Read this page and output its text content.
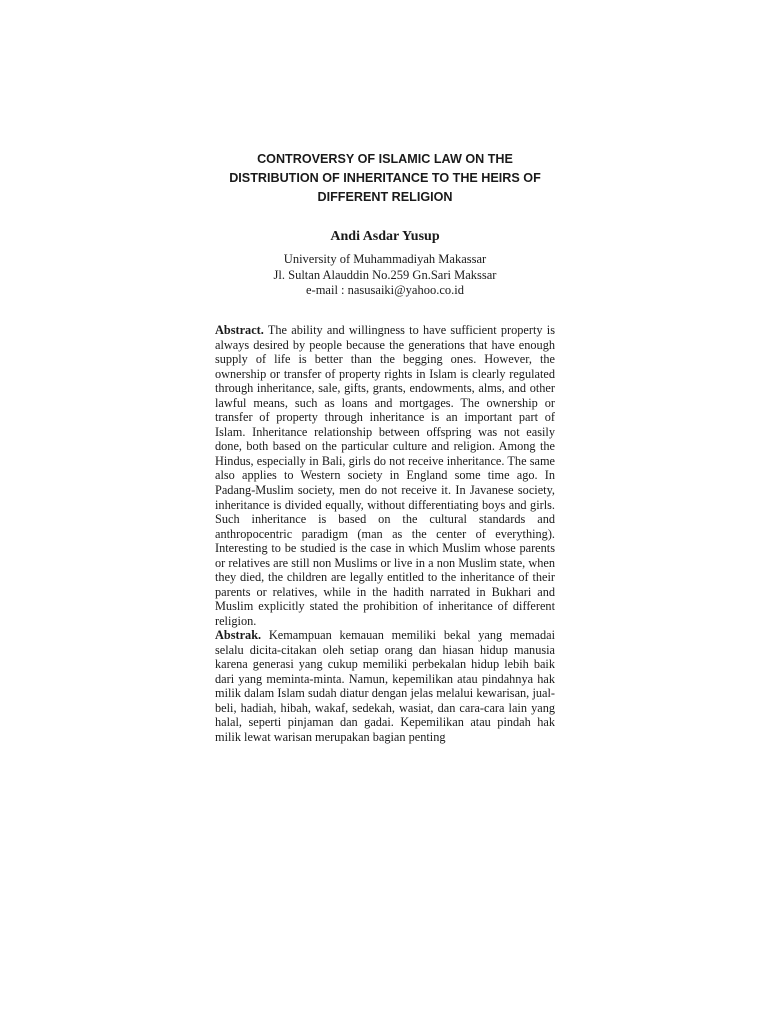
CONTROVERSY OF ISLAMIC LAW ON THE DISTRIBUTION OF INHERITANCE TO THE HEIRS OF DIFFERENT RELIGION
Andi Asdar Yusup
University of Muhammadiyah Makassar
Jl. Sultan Alauddin No.259 Gn.Sari Makssar
e-mail : nasusaiki@yahoo.co.id

Abstract. The ability and willingness to have sufficient property is always desired by people because the generations that have enough supply of life is better than the begging ones. However, the ownership or transfer of property rights in Islam is clearly regulated through inheritance, sale, gifts, grants, endowments, alms, and other lawful means, such as loans and mortgages. The ownership or transfer of property through inheritance is an important part of Islam. Inheritance relationship between offspring was not easily done, both based on the particular culture and religion. Among the Hindus, especially in Bali, girls do not receive inheritance. The same also applies to Western society in England some time ago. In Padang-Muslim society, men do not receive it. In Javanese society, inheritance is divided equally, without differentiating boys and girls. Such inheritance is based on the cultural standards and anthropocentric paradigm (man as the center of everything). Interesting to be studied is the case in which Muslim whose parents or relatives are still non Muslims or live in a non Muslim state, when they died, the children are legally entitled to the inheritance of their parents or relatives, while in the hadith narrated in Bukhari and Muslim explicitly stated the prohibition of inheritance of different religion.

Abstrak. Kemampuan kemauan memiliki bekal yang memadai selalu dicita-citakan oleh setiap orang dan hiasan hidup manusia karena generasi yang cukup memiliki perbekalan hidup lebih baik dari yang meminta-minta. Namun, kepemilikan atau pindahnya hak milik dalam Islam sudah diatur dengan jelas melalui kewarisan, jual-beli, hadiah, hibah, wakaf, sedekah, wasiat, dan cara-cara lain yang halal, seperti pinjaman dan gadai. Kepemilikan atau pindah hak milik lewat warisan merupakan bagian penting
